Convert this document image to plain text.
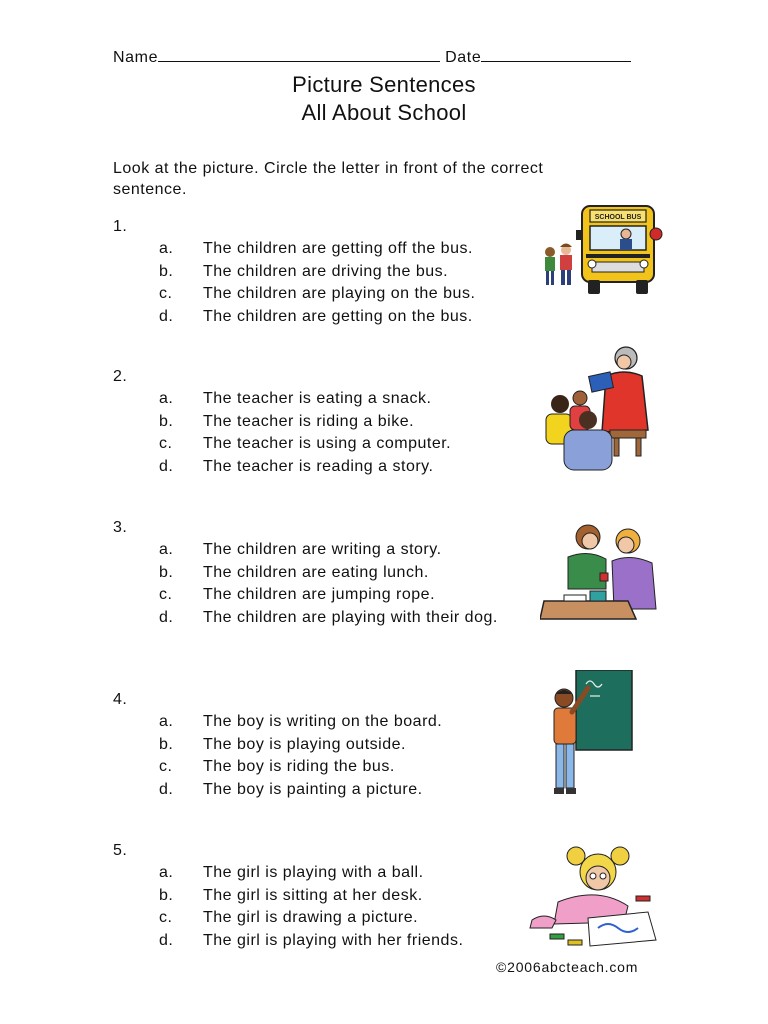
Name	Date
Picture Sentences
All About School
Look at the picture. Circle the letter in front of the correct sentence.
1.
a. The children are getting off the bus.
b. The children are driving the bus.
c. The children are playing on the bus.
d. The children are getting on the bus.
2.
a. The teacher is eating a snack.
b. The teacher is riding a bike.
c. The teacher is using a computer.
d. The teacher is reading a story.
3.
a. The children are writing a story.
b. The children are eating lunch.
c. The children are jumping rope.
d. The children are playing with their dog.
4.
a. The boy is writing on the board.
b. The boy is playing outside.
c. The boy is riding the bus.
d. The boy is painting a picture.
5.
a. The girl is playing with a ball.
b. The girl is sitting at her desk.
c. The girl is drawing a picture.
d. The girl is playing with her friends.
SCHOOL BUS
©2006abcteach.com
